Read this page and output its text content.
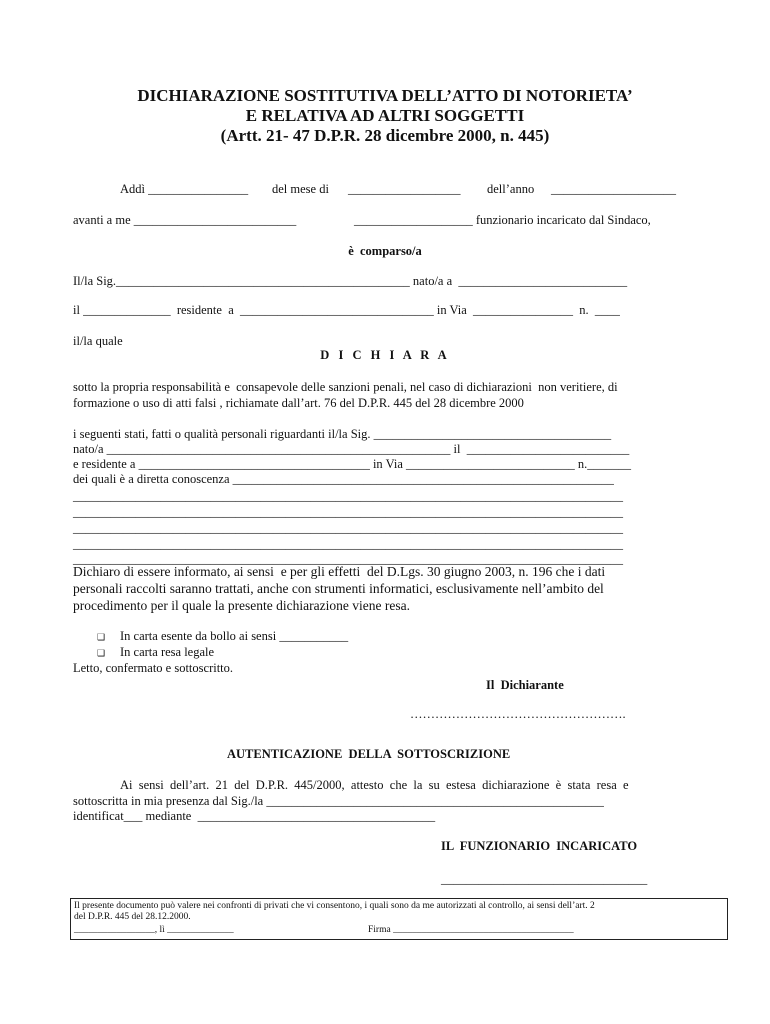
DICHIARAZIONE SOSTITUTIVA DELL’ATTO DI NOTORIETA’
E RELATIVA AD ALTRI SOGGETTI
(Artt. 21- 47 D.P.R. 28 dicembre 2000, n. 445)
Addì ________________ del mese di __________________ dell’anno ____________________
avanti a me __________________________	___________________ funzionario incaricato dal Sindaco,
è  comparso/a
Il/la Sig._______________________________________________ nato/a a  ___________________________
il ______________  residente  a  _______________________________ in Via  ________________  n.  ____
il/la quale
D I C H I A R A
sotto la propria responsabilità e  consapevole delle sanzioni penali, nel caso di dichiarazioni  non veritiere, di
formazione o uso di atti falsi , richiamate dall’art. 76 del D.P.R. 445 del 28 dicembre 2000
i seguenti stati, fatti o qualità personali riguardanti il/la Sig. ______________________________________
nato/a _______________________________________________________ il  __________________________
e residente a _____________________________________ in Via ___________________________ n._______
dei quali è a diretta conoscenza _____________________________________________________________
________________________________________________________________________________________
________________________________________________________________________________________
________________________________________________________________________________________
________________________________________________________________________________________
________________________________________________________________________________________
Dichiaro di essere informato, ai sensi  e per gli effetti  del D.Lgs. 30 giugno 2003, n. 196 che i dati
personali raccolti saranno trattati, anche con strumenti informatici, esclusivamente nell’ambito del
procedimento per il quale la presente dichiarazione viene resa.
❑ In carta esente da bollo ai sensi ___________
❑ In carta resa legale
Letto, confermato e sottoscritto.
Il  Dichiarante
…………………………………………….
AUTENTICAZIONE  DELLA  SOTTOSCRIZIONE
Ai  sensi  dell’art.  21  del  D.P.R.  445/2000,  attesto  che  la  su  estesa  dichiarazione  è  stata  resa  e
sottoscritta in mia presenza dal Sig./la ______________________________________________________
identificat___ mediante  ______________________________________
IL  FUNZIONARIO  INCARICATO
_________________________________
Il presente documento può valere nei confronti di privati che vi consentono, i quali sono da me autorizzati al controllo, ai sensi dell’art. 2
del D.P.R. 445 del 28.12.2000.
_________________, lì ______________	Firma ______________________________________
